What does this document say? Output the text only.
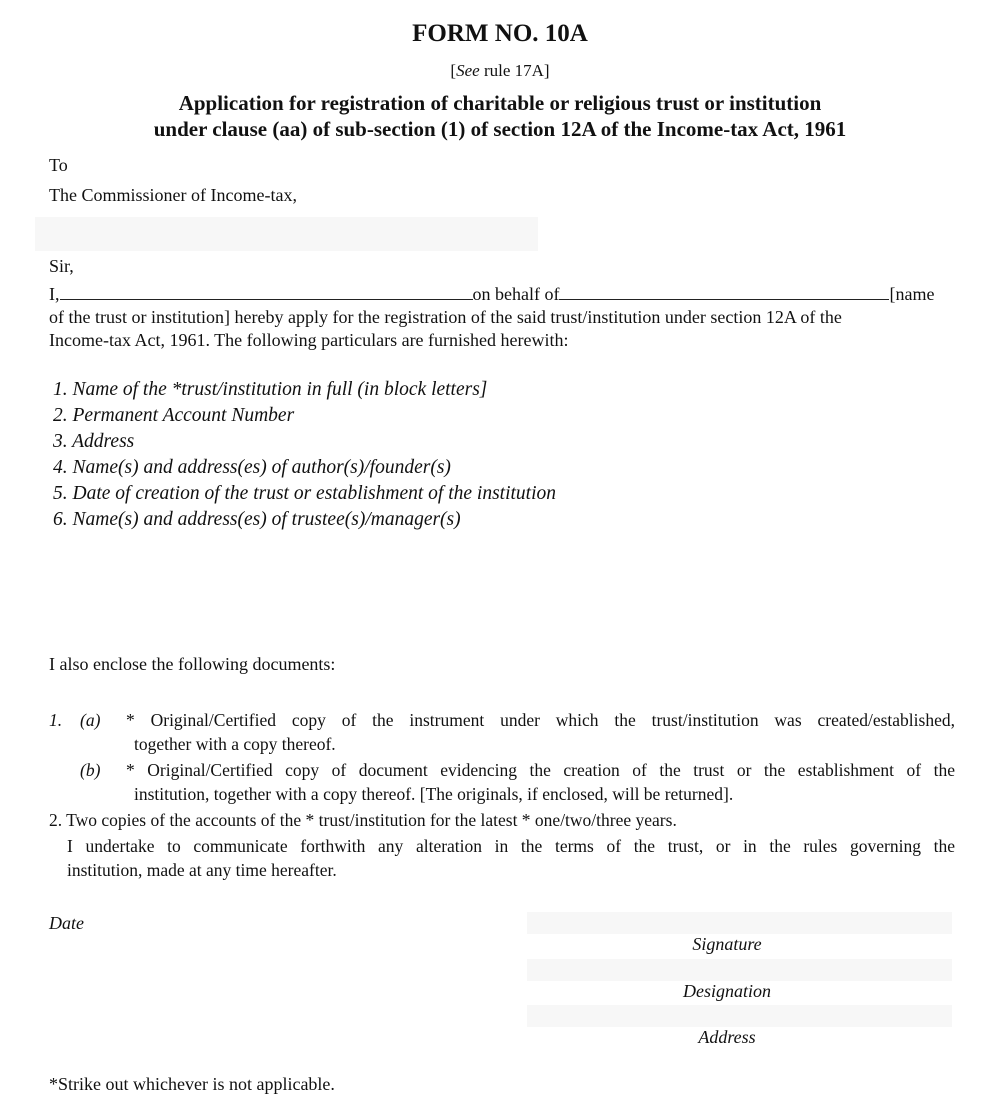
FORM NO. 10A
[See rule 17A]
Application for registration of charitable or religious trust or institution
under clause (aa) of sub-section (1) of section 12A of the Income-tax Act, 1961
To
The Commissioner of Income-tax,
Sir,
I,	on behalf of	[name
of the trust or institution] hereby apply for the registration of the said trust/institution under section 12A of the
Income-tax Act, 1961. The following particulars are furnished herewith:
1. Name of the *trust/institution in full (in block letters]
2. Permanent Account Number
3. Address
4. Name(s) and address(es) of author(s)/founder(s)
5. Date of creation of the trust or establishment of the institution
6. Name(s) and address(es) of trustee(s)/manager(s)
I also enclose the following documents:
1. (a) * Original/Certified copy of the instrument under which the trust/institution was created/established,
together with a copy thereof.
(b) * Original/Certified copy of document evidencing the creation of the trust or the establishment of the
institution, together with a copy thereof. [The originals, if enclosed, will be returned].
2. Two copies of the accounts of the * trust/institution for the latest * one/two/three years.
I undertake to communicate forthwith any alteration in the terms of the trust, or in the rules governing the
institution, made at any time hereafter.
Date
Signature
Designation
Address
*Strike out whichever is not applicable.
